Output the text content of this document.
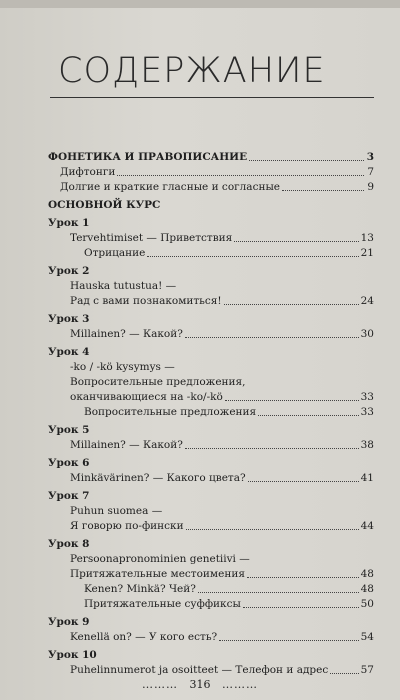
СОДЕРЖАНИЕ
ФОНЕТИКА И ПРАВОПИСАНИЕ	3
Дифтонги	7
Долгие и краткие гласные и согласные	9
ОСНОВНОЙ КУРС
Урок 1
Tervehtimiset — Приветствия	13
Отрицание	21
Урок 2
Hauska tutustua! —
Рад с вами познакомиться!	24
Урок 3
Millainen? — Какой?	30
Урок 4
-ko / -kö kysymys —
Вопросительные предложения,
оканчивающиеся на -ko/-kö	33
Вопросительные предложения	33
Урок 5
Millainen? — Какой?	38
Урок 6
Minkävärinen? — Какого цвета?	41
Урок 7
Puhun suomea —
Я говорю по-фински	44
Урок 8
Persoonapronominien genetiivi —
Притяжательные местоимения	48
Kenen? Minkä? Чей?	48
Притяжательные суффиксы	50
Урок 9
Kenellä on? — У кого есть?	54
Урок 10
Puhelinnumerot ja osoitteet — Телефон и адрес	57
……… 316 ………
